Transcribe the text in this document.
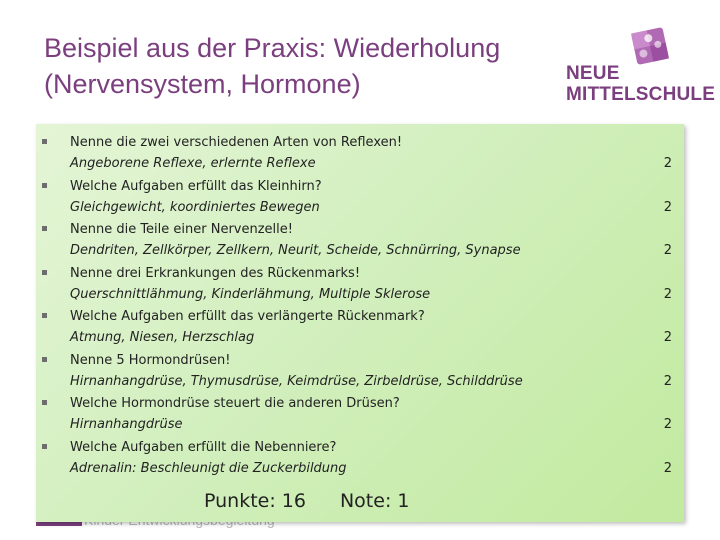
Beispiel aus der Praxis: Wiederholung (Nervensystem, Hormone)	NEUE
MITTELSCHULE
Nenne die zwei verschiedenen Arten von Reflexen!
Angeborene Reflexe, erlernte Reflexe	2
Welche Aufgaben erfüllt das Kleinhirn?
Gleichgewicht, koordiniertes Bewegen	2
Nenne die Teile einer Nervenzelle!
Dendriten, Zellkörper, Zellkern, Neurit, Scheide, Schnürring, Synapse	2
Nenne drei Erkrankungen des Rückenmarks!
Querschnittlähmung, Kinderlähmung, Multiple Sklerose	2
Welche Aufgaben erfüllt das verlängerte Rückenmark?
Atmung, Niesen, Herzschlag	2
Nenne 5 Hormondrüsen!
Hirnanhangdrüse, Thymusdrüse, Keimdrüse, Zirbeldrüse, Schilddrüse	2
Welche Hormondrüse steuert die anderen Drüsen?
Hirnanhangdrüse	2
Welche Aufgaben erfüllt die Nebenniere?
Adrenalin: Beschleunigt die Zuckerbildung	2
Punkte: 16 Note: 1
